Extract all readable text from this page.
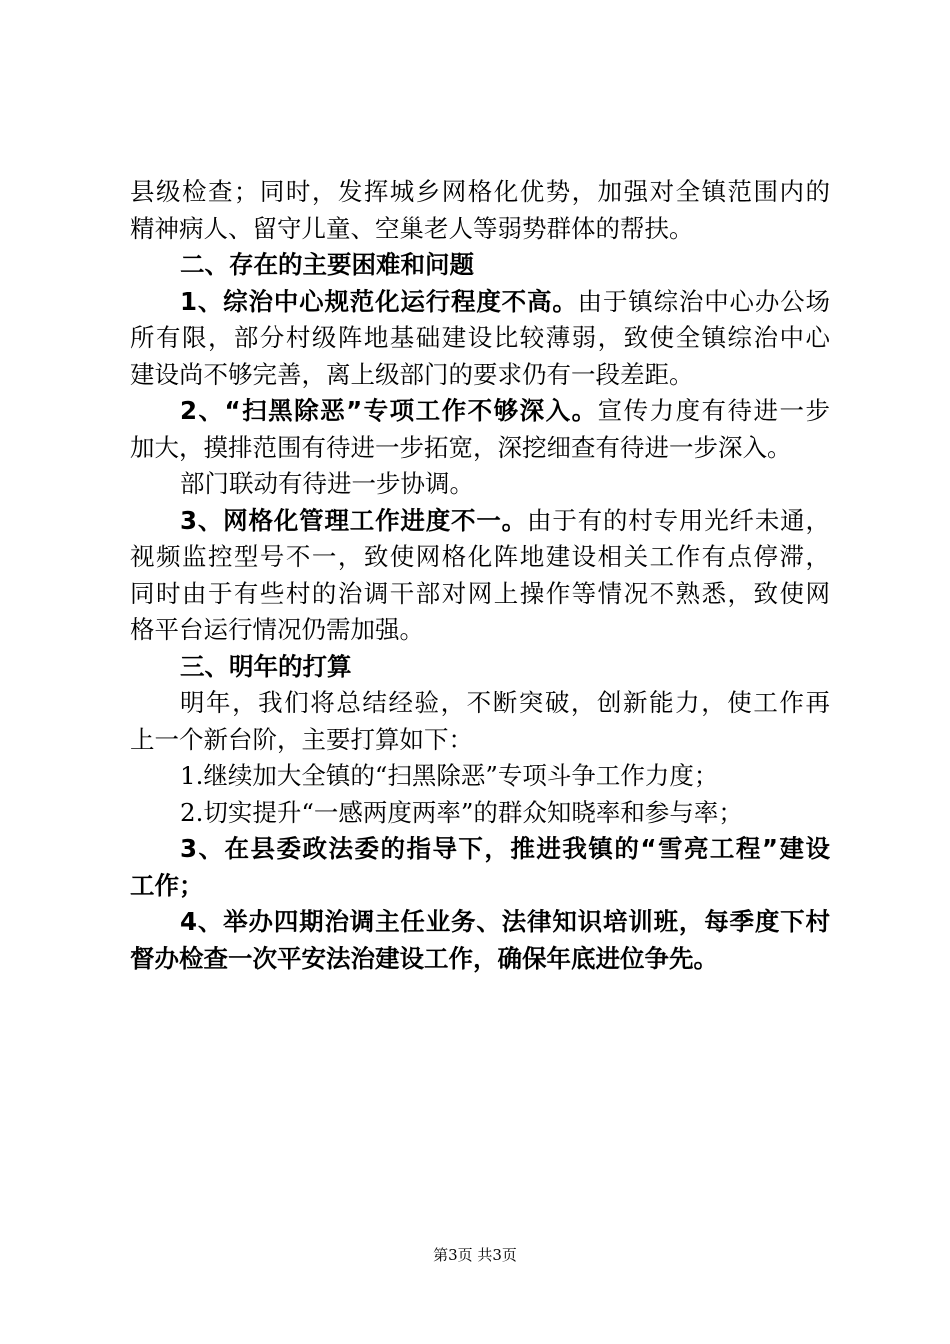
县级检查；同时，发挥城乡网格化优势，加强对全镇范围内的
精神病人、留守儿童、空巢老人等弱势群体的帮扶。
二、存在的主要困难和问题
1、综治中心规范化运行程度不高。由于镇综治中心办公场
所有限，部分村级阵地基础建设比较薄弱，致使全镇综治中心
建设尚不够完善，离上级部门的要求仍有一段差距。
2、“扫黑除恶”专项工作不够深入。宣传力度有待进一步
加大，摸排范围有待进一步拓宽，深挖细查有待进一步深入。
部门联动有待进一步协调。
3、网格化管理工作进度不一。由于有的村专用光纤未通，
视频监控型号不一，致使网格化阵地建设相关工作有点停滞，
同时由于有些村的治调干部对网上操作等情况不熟悉，致使网
格平台运行情况仍需加强。
三、明年的打算
明年，我们将总结经验，不断突破，创新能力，使工作再
上一个新台阶，主要打算如下：
1.继续加大全镇的“扫黑除恶”专项斗争工作力度；
2.切实提升“一感两度两率”的群众知晓率和参与率；
3、在县委政法委的指导下，推进我镇的“雪亮工程”建设
工作；
4、举办四期治调主任业务、法律知识培训班，每季度下村
督办检查一次平安法治建设工作，确保年底进位争先。
第3页 共3页
